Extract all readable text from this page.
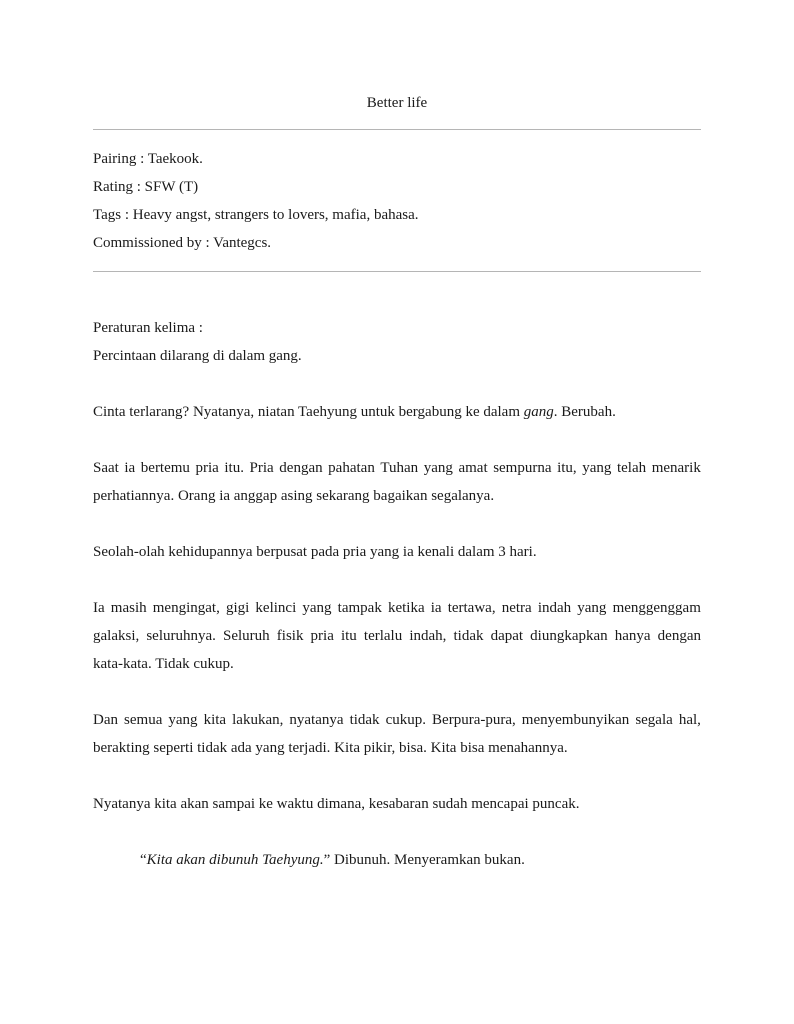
Better life
Pairing : Taekook.
Rating : SFW (T)
Tags : Heavy angst, strangers to lovers, mafia, bahasa.
Commissioned by : Vantegcs.
Peraturan kelima :
Percintaan dilarang di dalam gang.
Cinta terlarang? Nyatanya, niatan Taehyung untuk bergabung ke dalam gang. Berubah.
Saat ia bertemu pria itu. Pria dengan pahatan Tuhan yang amat sempurna itu, yang telah menarik
perhatiannya. Orang ia anggap asing sekarang bagaikan segalanya.
Seolah-olah kehidupannya berpusat pada pria yang ia kenali dalam 3 hari.
Ia masih mengingat, gigi kelinci yang tampak ketika ia tertawa, netra indah yang menggenggam
galaksi, seluruhnya. Seluruh fisik pria itu terlalu indah, tidak dapat diungkapkan hanya dengan
kata-kata. Tidak cukup.
Dan semua yang kita lakukan, nyatanya tidak cukup. Berpura-pura, menyembunyikan segala hal,
berakting seperti tidak ada yang terjadi. Kita pikir, bisa. Kita bisa menahannya.
Nyatanya kita akan sampai ke waktu dimana, kesabaran sudah mencapai puncak.
“Kita akan dibunuh Taehyung.” Dibunuh. Menyeramkan bukan.
